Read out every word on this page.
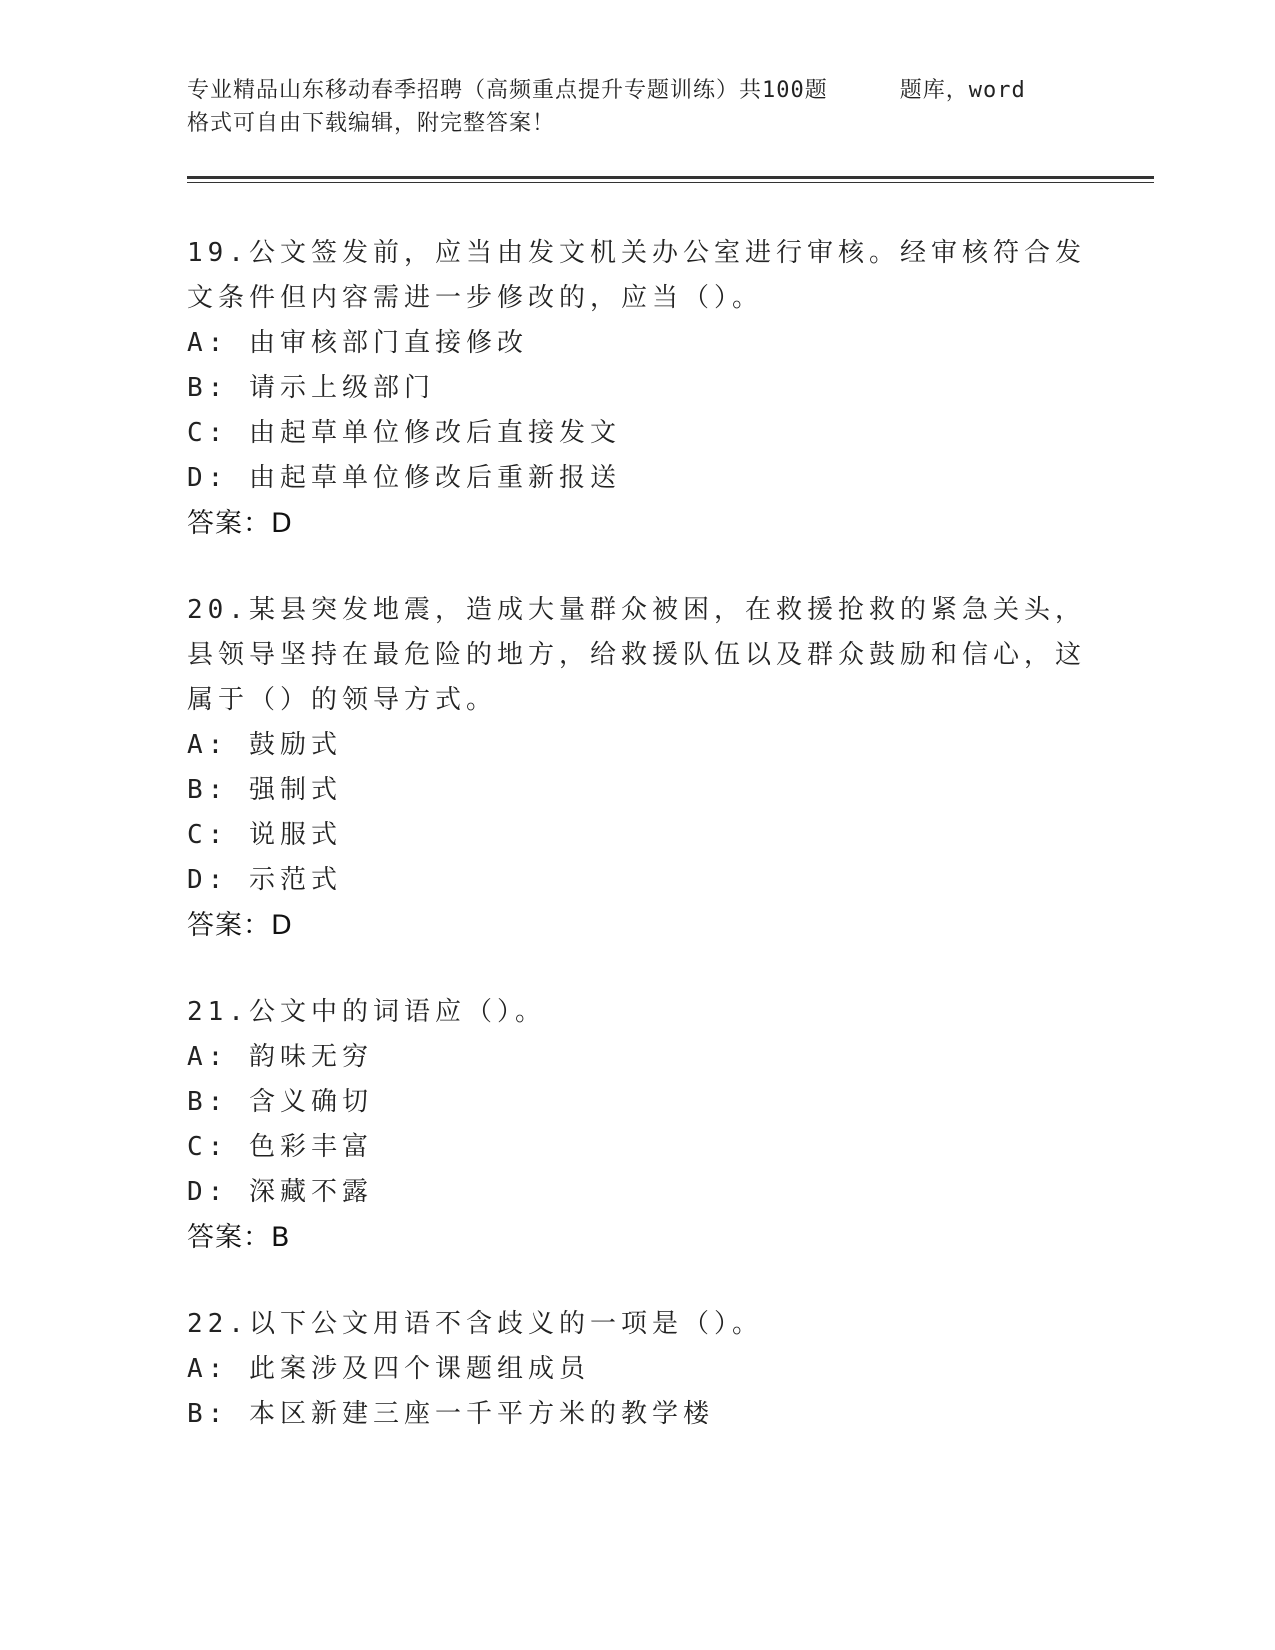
专业精品山东移动春季招聘（高频重点提升专题训练）共100题	题库，word
格式可自由下载编辑，附完整答案！
19.公文签发前，应当由发文机关办公室进行审核。经审核符合发文条件但内容需进一步修改的，应当（）。
A: 由审核部门直接修改
B: 请示上级部门
C: 由起草单位修改后直接发文
D: 由起草单位修改后重新报送
答案：D
20.某县突发地震，造成大量群众被困，在救援抢救的紧急关头，县领导坚持在最危险的地方，给救援队伍以及群众鼓励和信心，这属于（）的领导方式。
A: 鼓励式
B: 强制式
C: 说服式
D: 示范式
答案：D
21.公文中的词语应（）。
A: 韵味无穷
B: 含义确切
C: 色彩丰富
D: 深藏不露
答案：B
22.以下公文用语不含歧义的一项是（）。
A: 此案涉及四个课题组成员
B: 本区新建三座一千平方米的教学楼
